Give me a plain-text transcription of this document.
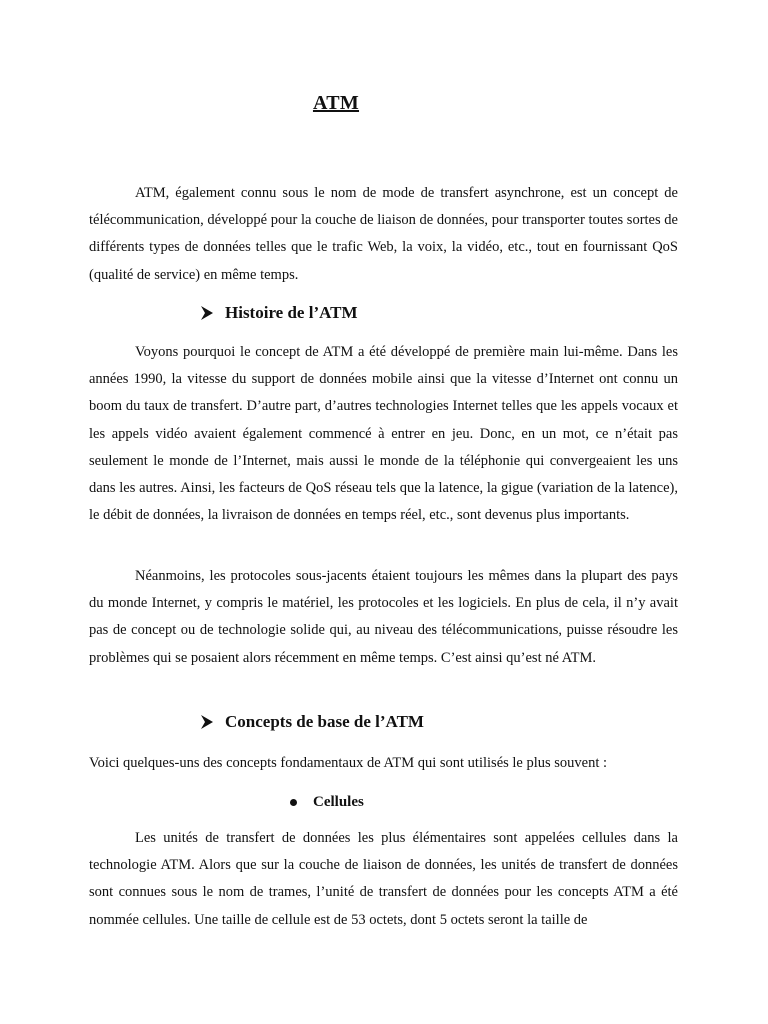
ATM

ATM, également connu sous le nom de mode de transfert asynchrone, est un concept de télécommunication, développé pour la couche de liaison de données, pour transporter toutes sortes de différents types de données telles que le trafic Web, la voix, la vidéo, etc., tout en fournissant QoS (qualité de service) en même temps.

Histoire de l’ATM

Voyons pourquoi le concept de ATM a été développé de première main lui-même. Dans les années 1990, la vitesse du support de données mobile ainsi que la vitesse d’Internet ont connu un boom du taux de transfert. D’autre part, d’autres technologies Internet telles que les appels vocaux et les appels vidéo avaient également commencé à entrer en jeu. Donc, en un mot, ce n’était pas seulement le monde de l’Internet, mais aussi le monde de la téléphonie qui convergeaient les uns dans les autres. Ainsi, les facteurs de QoS réseau tels que la latence, la gigue (variation de la latence), le débit de données, la livraison de données en temps réel, etc., sont devenus plus importants.

Néanmoins, les protocoles sous-jacents étaient toujours les mêmes dans la plupart des pays du monde Internet, y compris le matériel, les protocoles et les logiciels. En plus de cela, il n’y avait pas de concept ou de technologie solide qui, au niveau des télécommunications, puisse résoudre les problèmes qui se posaient alors récemment en même temps. C’est ainsi qu’est né ATM.

Concepts de base de l’ATM

Voici quelques-uns des concepts fondamentaux de ATM qui sont utilisés le plus souvent :

Cellules

Les unités de transfert de données les plus élémentaires sont appelées cellules dans la technologie ATM. Alors que sur la couche de liaison de données, les unités de transfert de données sont connues sous le nom de trames, l’unité de transfert de données pour les concepts ATM a été nommée cellules. Une taille de cellule est de 53 octets, dont 5 octets seront la taille de
